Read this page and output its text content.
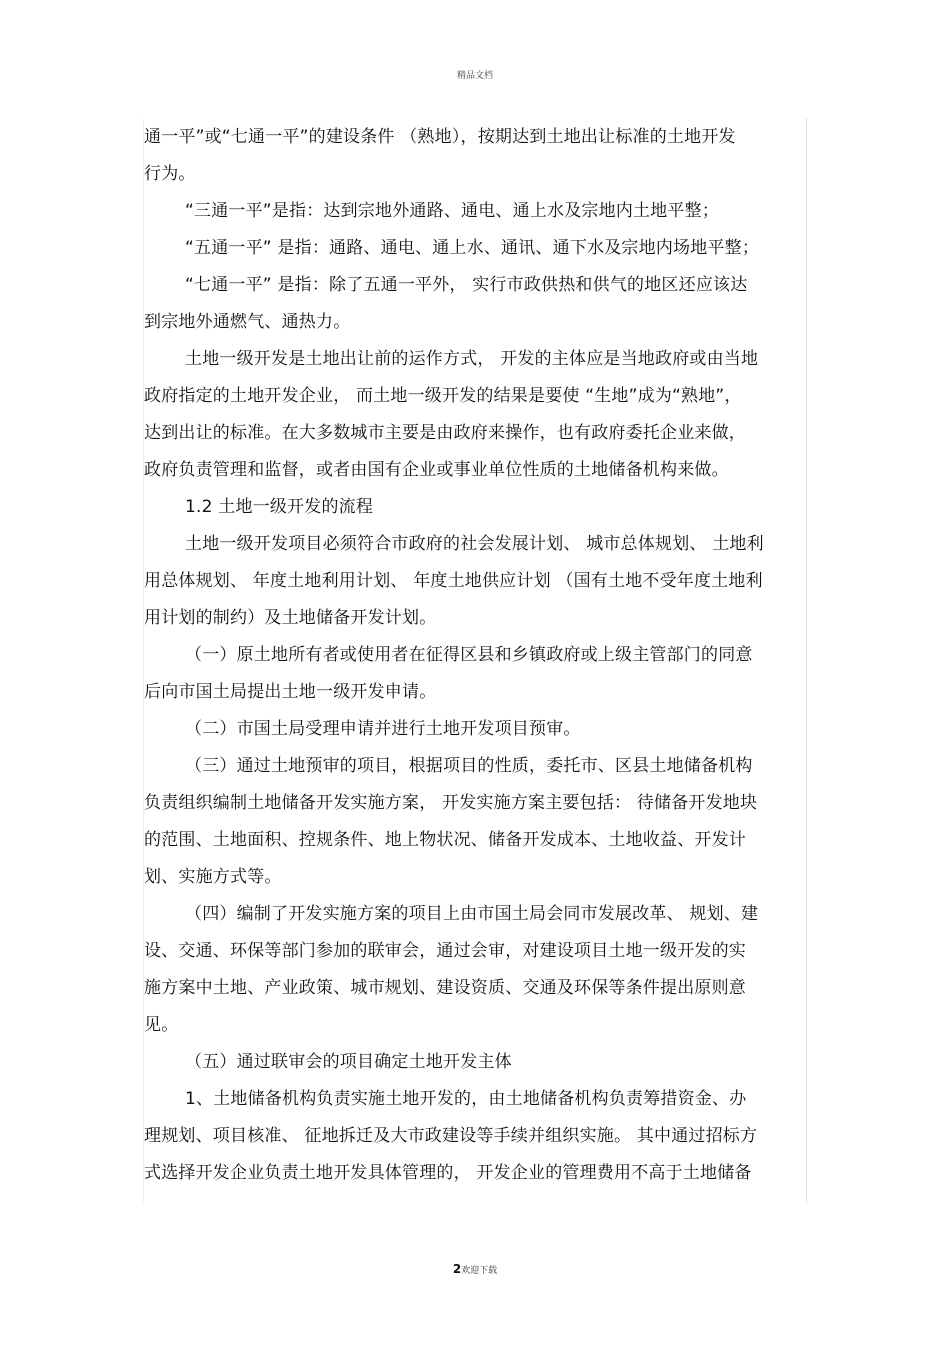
精品文档
通一平”或“七通一平”的建设条件 （熟地），按期达到土地出让标准的土地开发
行为。
“三通一平”是指：达到宗地外通路、通电、通上水及宗地内土地平整；
“五通一平” 是指：通路、通电、通上水、通讯、通下水及宗地内场地平整；
“七通一平” 是指：除了五通一平外， 实行市政供热和供气的地区还应该达
到宗地外通燃气、通热力。
土地一级开发是土地出让前的运作方式， 开发的主体应是当地政府或由当地
政府指定的土地开发企业， 而土地一级开发的结果是要使 “生地”成为“熟地”，
达到出让的标准。在大多数城市主要是由政府来操作，也有政府委托企业来做，
政府负责管理和监督，或者由国有企业或事业单位性质的土地储备机构来做。
1.2 土地一级开发的流程
土地一级开发项目必须符合市政府的社会发展计划、 城市总体规划、 土地利
用总体规划、 年度土地利用计划、 年度土地供应计划 （国有土地不受年度土地利
用计划的制约）及土地储备开发计划。
（一）原土地所有者或使用者在征得区县和乡镇政府或上级主管部门的同意
后向市国土局提出土地一级开发申请。
（二）市国土局受理申请并进行土地开发项目预审。
（三）通过土地预审的项目，根据项目的性质，委托市、区县土地储备机构
负责组织编制土地储备开发实施方案， 开发实施方案主要包括： 待储备开发地块
的范围、土地面积、控规条件、地上物状况、储备开发成本、土地收益、开发计
划、实施方式等。
（四）编制了开发实施方案的项目上由市国土局会同市发展改革、 规划、建
设、交通、环保等部门参加的联审会，通过会审，对建设项目土地一级开发的实
施方案中土地、产业政策、城市规划、建设资质、交通及环保等条件提出原则意
见。
（五）通过联审会的项目确定土地开发主体
1、土地储备机构负责实施土地开发的，由土地储备机构负责筹措资金、办
理规划、项目核准、 征地拆迁及大市政建设等手续并组织实施。 其中通过招标方
式选择开发企业负责土地开发具体管理的， 开发企业的管理费用不高于土地储备
2欢迎下载
